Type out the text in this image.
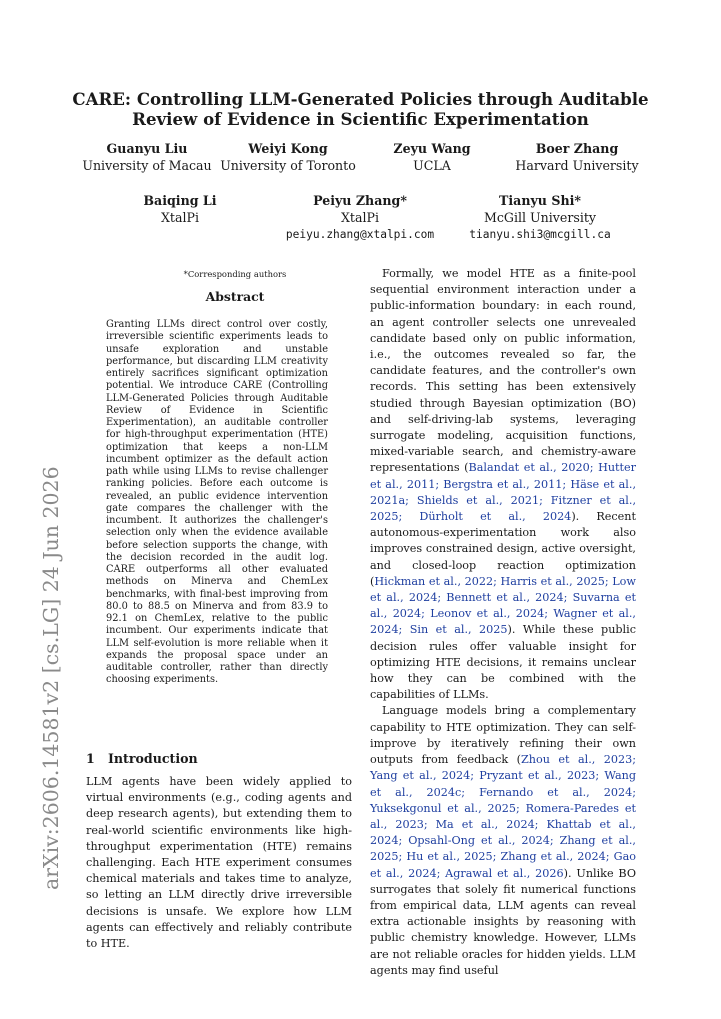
arXiv:2606.14581v2 [cs.LG] 24 Jun 2026
CARE: Controlling LLM-Generated Policies through Auditable
Review of Evidence in Scientific Experimentation
Guanyu Liu
University of Macau
Weiyi Kong
University of Toronto
Zeyu Wang
UCLA
Boer Zhang
Harvard University
Baiqing Li
XtalPi
Peiyu Zhang*
XtalPi
peiyu.zhang@xtalpi.com
Tianyu Shi*
McGill University
tianyu.shi3@mcgill.ca
*Corresponding authors
Abstract
Granting LLMs direct control over costly, irreversible scientific experiments leads to unsafe exploration and unstable performance, but discarding LLM creativity entirely sacrifices significant optimization potential. We introduce CARE (Controlling LLM-Generated Policies through Auditable Review of Evidence in Scientific Experimentation), an auditable controller for high-throughput experimentation (HTE) optimization that keeps a non-LLM incumbent optimizer as the default action path while using LLMs to revise challenger ranking policies. Before each outcome is revealed, an public evidence intervention gate compares the challenger with the incumbent. It authorizes the challenger's selection only when the evidence available before selection supports the change, with the decision recorded in the audit log. CARE outperforms all other evaluated methods on Minerva and ChemLex benchmarks, with final-best improving from 80.0 to 88.5 on Minerva and from 83.9 to 92.1 on ChemLex, relative to the public incumbent. Our experiments indicate that LLM self-evolution is more reliable when it expands the proposal space under an auditable controller, rather than directly choosing experiments.
1 Introduction

LLM agents have been widely applied to virtual environments (e.g., coding agents and deep research agents), but extending them to real-world scientific environments like high-throughput experimentation (HTE) remains challenging. Each HTE experiment consumes chemical materials and takes time to analyze, so letting an LLM directly drive irreversible decisions is unsafe. We explore how LLM agents can effectively and reliably contribute to HTE.

Formally, we model HTE as a finite-pool sequential environment interaction under a public-information boundary: in each round, an agent controller selects one unrevealed candidate based only on public information, i.e., the outcomes revealed so far, the candidate features, and the controller's own records. This setting has been extensively studied through Bayesian optimization (BO) and self-driving-lab systems, leveraging surrogate modeling, acquisition functions, mixed-variable search, and chemistry-aware representations (Balandat et al., 2020; Hutter et al., 2011; Bergstra et al., 2011; Häse et al., 2021a; Shields et al., 2021; Fitzner et al., 2025; Dürholt et al., 2024). Recent autonomous-experimentation work also improves constrained design, active oversight, and closed-loop reaction optimization (Hickman et al., 2022; Harris et al., 2025; Low et al., 2024; Bennett et al., 2024; Suvarna et al., 2024; Leonov et al., 2024; Wagner et al., 2024; Sin et al., 2025). While these public decision rules offer valuable insight for optimizing HTE decisions, it remains unclear how they can be combined with the capabilities of LLMs.

Language models bring a complementary capability to HTE optimization. They can self-improve by iteratively refining their own outputs from feedback (Zhou et al., 2023; Yang et al., 2024; Pryzant et al., 2023; Wang et al., 2024c; Fernando et al., 2024; Yuksekgonul et al., 2025; Romera-Paredes et al., 2023; Ma et al., 2024; Khattab et al., 2024; Opsahl-Ong et al., 2024; Zhang et al., 2025; Hu et al., 2025; Zhang et al., 2024; Gao et al., 2024; Agrawal et al., 2026). Unlike BO surrogates that solely fit numerical functions from empirical data, LLM agents can reveal extra actionable insights by reasoning with public chemistry knowledge. However, LLMs are not reliable oracles for hidden yields. LLM agents may find useful
